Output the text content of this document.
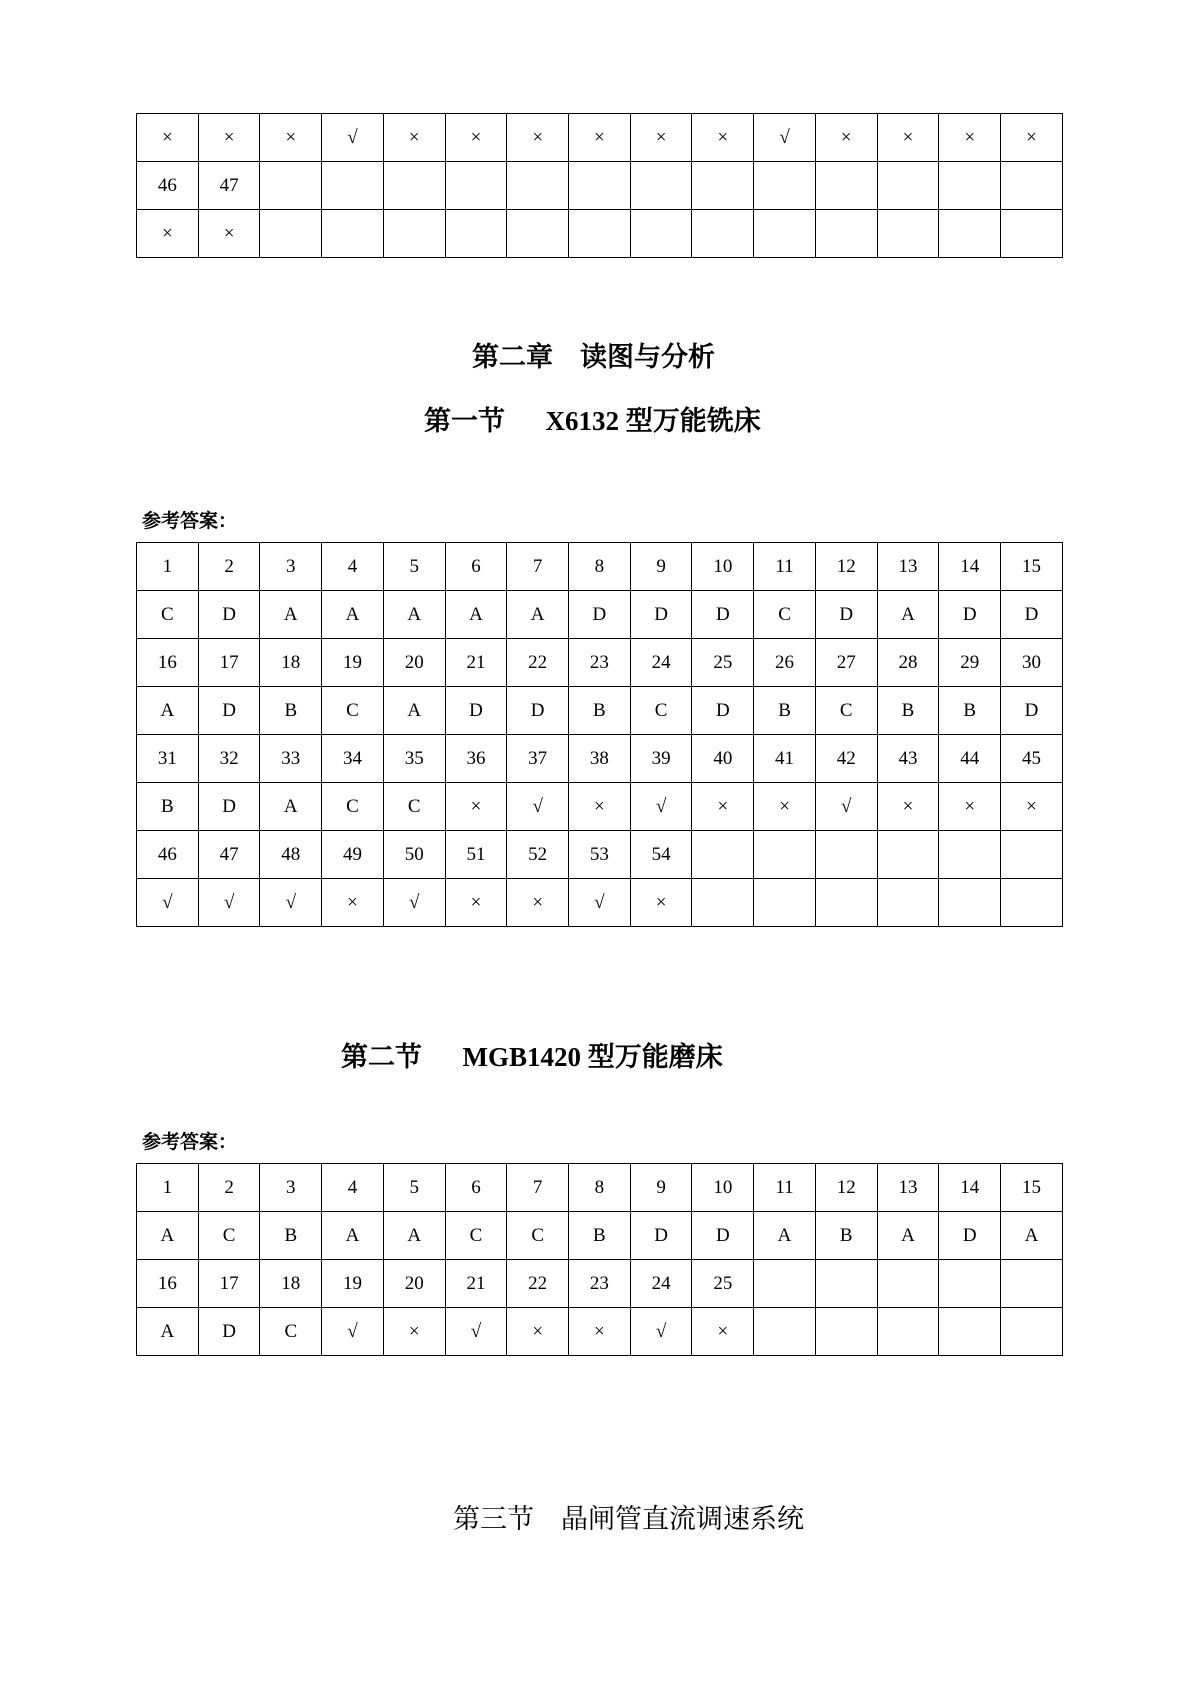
×	×	×	√	×	×	×	×	×	×	√	×	×	×	×
46	47													
×	×													
第二章    读图与分析
第一节      X6132 型万能铣床
参考答案：
1	2	3	4	5	6	7	8	9	10	11	12	13	14	15
C	D	A	A	A	A	A	D	D	D	C	D	A	D	D
16	17	18	19	20	21	22	23	24	25	26	27	28	29	30
A	D	B	C	A	D	D	B	C	D	B	C	B	B	D
31	32	33	34	35	36	37	38	39	40	41	42	43	44	45
B	D	A	C	C	×	√	×	√	×	×	√	×	×	×
46	47	48	49	50	51	52	53	54						
√	√	√	×	√	×	×	√	×						
第二节      MGB1420 型万能磨床
参考答案：
1	2	3	4	5	6	7	8	9	10	11	12	13	14	15
A	C	B	A	A	C	C	B	D	D	A	B	A	D	A
16	17	18	19	20	21	22	23	24	25					
A	D	C	√	×	√	×	×	√	×					
第三节    晶闸管直流调速系统
